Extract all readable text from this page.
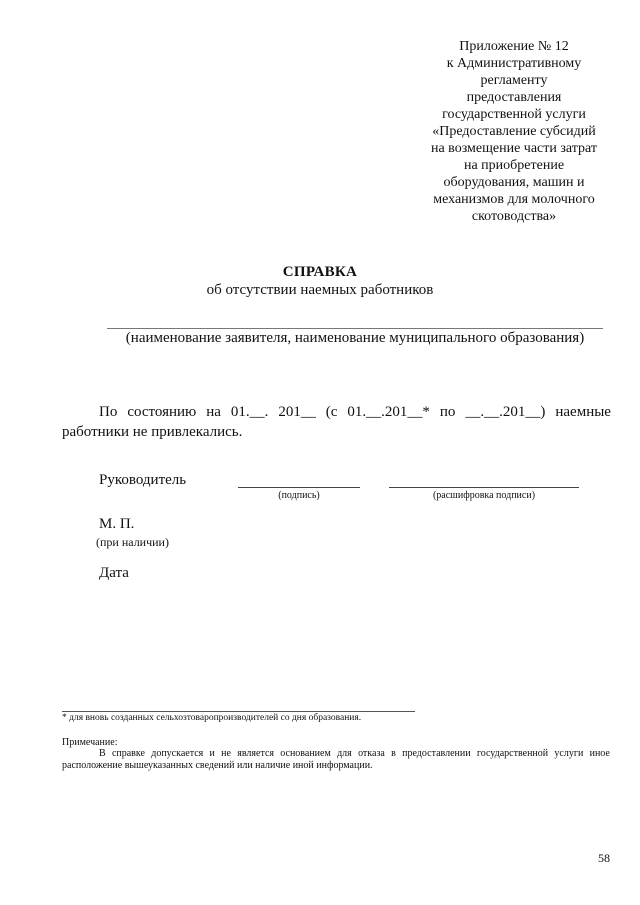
Приложение № 12
к Административному
регламенту
предоставления
государственной услуги
«Предоставление субсидий
на возмещение части затрат
на приобретение
оборудования, машин и
механизмов для молочного
скотоводства»
СПРАВКА
об отсутствии наемных работников
(наименование заявителя, наименование муниципального образования)
По состоянию на 01.__. 201__ (с 01.__.201__* по __.__.201__) наемные
работники не привлекались.
Руководитель
(подпись)	(расшифровка подписи)
М. П.
(при наличии)
Дата
* для вновь созданных сельхозтоваропроизводителей со дня образования.
Примечание:
В справке допускается и не является основанием для отказа в предоставлении государственной услуги иное
расположение вышеуказанных сведений или наличие иной информации.
58
